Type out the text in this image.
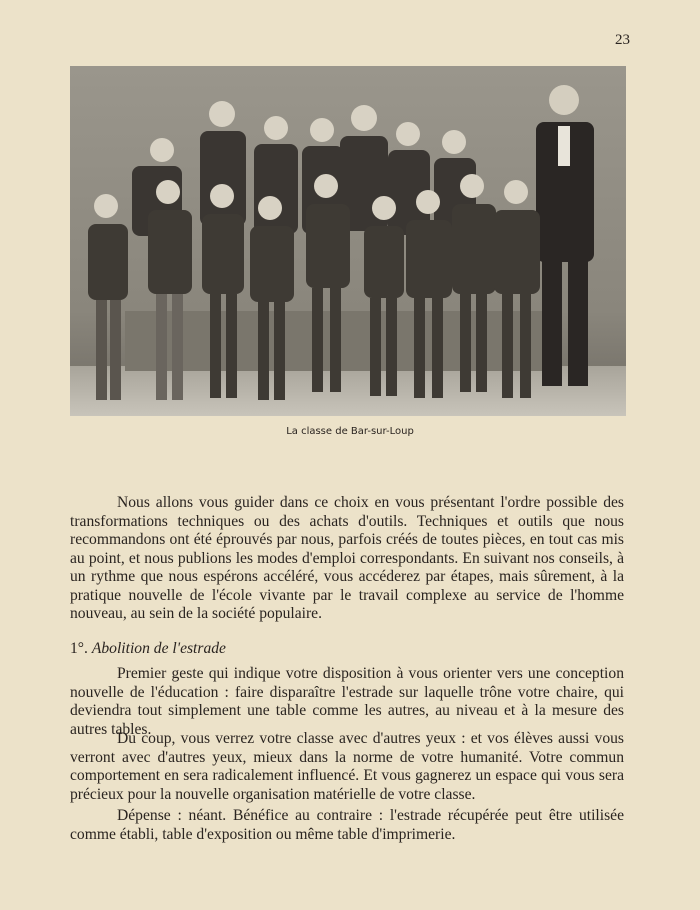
23
La classe de Bar-sur-Loup

Nous allons vous guider dans ce choix en vous présentant l'ordre possible des transformations techniques ou des achats d'outils. Techniques et outils que nous recommandons ont été éprouvés par nous, parfois créés de toutes pièces, en tout cas mis au point, et nous publions les modes d'emploi correspondants. En suivant nos conseils, à un rythme que nous espérons accéléré, vous accéderez par étapes, mais sûrement, à la pratique nouvelle de l'école vivante par le travail complexe au service de l'homme nouveau, au sein de la société populaire.

1°. Abolition de l'estrade

Premier geste qui indique votre disposition à vous orienter vers une conception nouvelle de l'éducation : faire disparaître l'estrade sur laquelle trône votre chaire, qui deviendra tout simplement une table comme les autres, au niveau et à la mesure des autres tables.

Du coup, vous verrez votre classe avec d'autres yeux : et vos élèves aussi vous verront avec d'autres yeux, mieux dans la norme de votre humanité. Votre commun comportement en sera radicalement influencé. Et vous gagnerez un espace qui vous sera précieux pour la nouvelle organisation matérielle de votre classe.

Dépense : néant. Bénéfice au contraire : l'estrade récupérée peut être utilisée comme établi, table d'exposition ou même table d'imprimerie.
